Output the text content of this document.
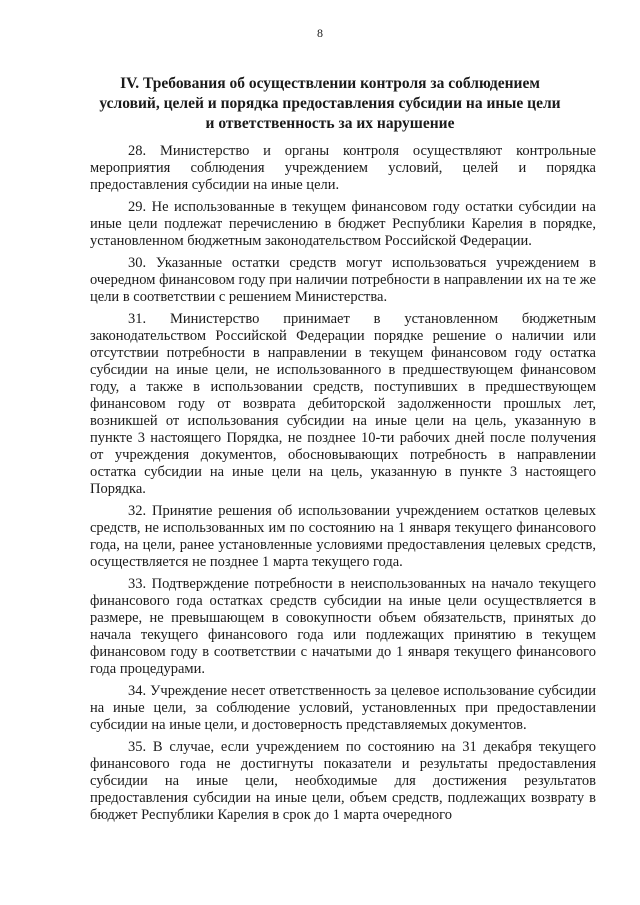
8
IV. Требования об осуществлении контроля за соблюдением
условий, целей и порядка предоставления субсидии на иные цели
и ответственность за их нарушение

28. Министерство и органы контроля осуществляют контрольные мероприятия соблюдения учреждением условий, целей и порядка предоставления субсидии на иные цели.

29. Не использованные в текущем финансовом году остатки субсидии на иные цели подлежат перечислению в бюджет Республики Карелия в порядке, установленном бюджетным законодательством Российской Федерации.

30. Указанные остатки средств могут использоваться учреждением в очередном финансовом году при наличии потребности в направлении их на те же цели в соответствии с решением Министерства.

31. Министерство принимает в установленном бюджетным законодательством Российской Федерации порядке решение о наличии или отсутствии потребности в направлении в текущем финансовом году остатка субсидии на иные цели, не использованного в предшествующем финансовом году, а также в использовании средств, поступивших в предшествующем финансовом году от возврата дебиторской задолженности прошлых лет, возникшей от использования субсидии на иные цели на цель, указанную в пункте 3 настоящего Порядка, не позднее 10-ти рабочих дней после получения от учреждения документов, обосновывающих потребность в направлении остатка субсидии на иные цели на цель, указанную в пункте 3 настоящего Порядка.

32. Принятие решения об использовании учреждением остатков целевых средств, не использованных им по состоянию на 1 января текущего финансового года, на цели, ранее установленные условиями предоставления целевых средств, осуществляется не позднее 1 марта текущего года.

33. Подтверждение потребности в неиспользованных на начало текущего финансового года остатках средств субсидии на иные цели осуществляется в размере, не превышающем в совокупности объем обязательств, принятых до начала текущего финансового года или подлежащих принятию в текущем финансовом году в соответствии с начатыми до 1 января текущего финансового года процедурами.

34. Учреждение несет ответственность за целевое использование субсидии на иные цели, за соблюдение условий, установленных при предоставлении субсидии на иные цели, и достоверность представляемых документов.

35. В случае, если учреждением по состоянию на 31 декабря текущего финансового года не достигнуты показатели и результаты предоставления субсидии на иные цели, необходимые для достижения результатов предоставления субсидии на иные цели, объем средств, подлежащих возврату в бюджет Республики Карелия в срок до 1 марта очередного
